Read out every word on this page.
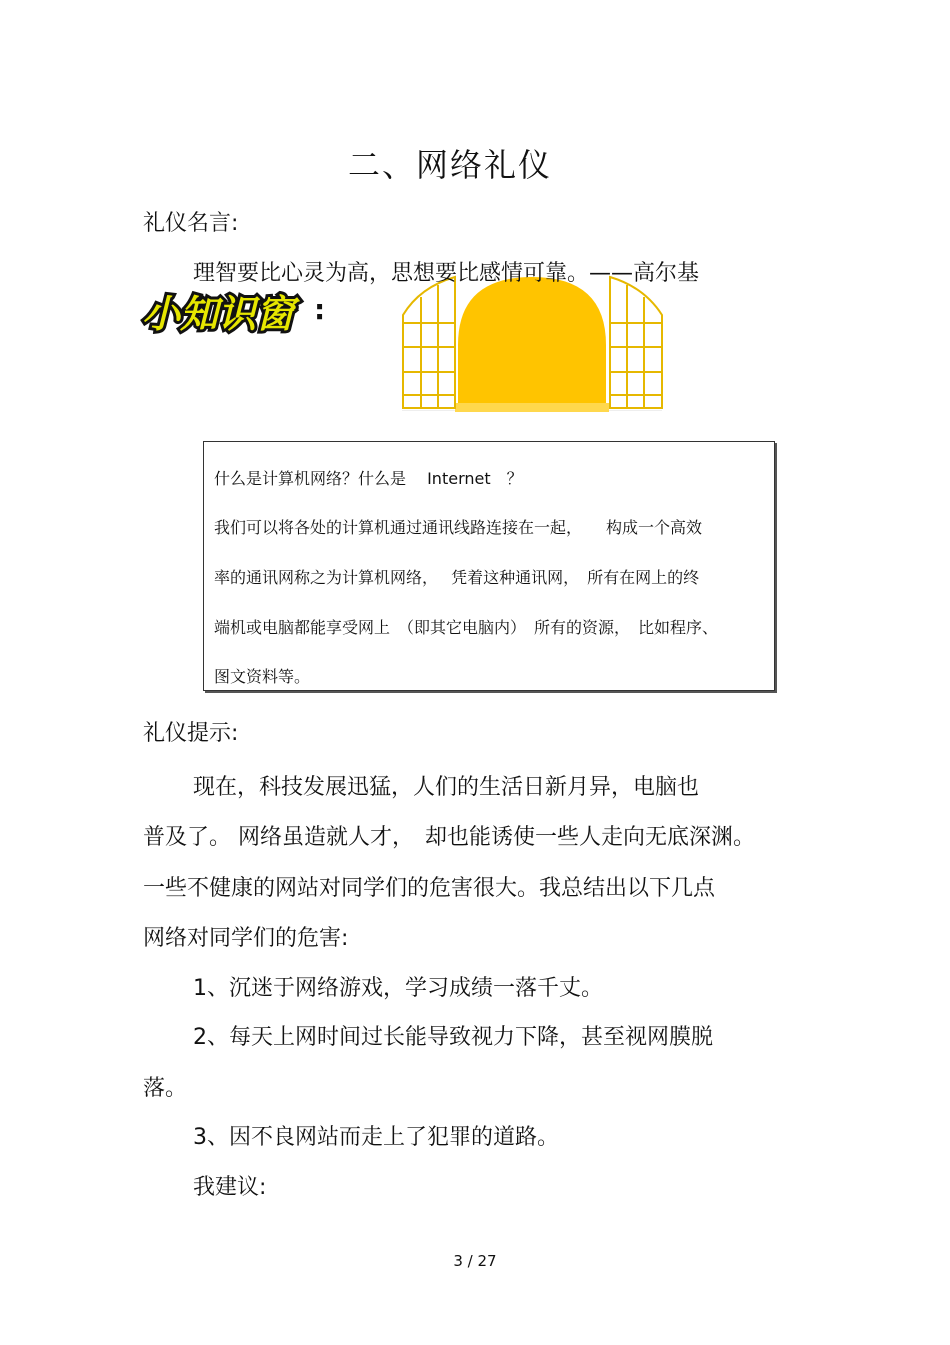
二、网络礼仪
礼仪名言:
理智要比心灵为高，思想要比感情可靠。——高尔基
小知识窗 :
什么是计算机网络？什么是　 Internet　？
我们可以将各处的计算机通过通讯线路连接在一起，　　构成一个高效
率的通讯网称之为计算机网络，　 凭着这种通讯网，　所有在网上的终
端机或电脑都能享受网上　（即其它电脑内）　所有的资源，　比如程序、
图文资料等。
礼仪提示:
现在，科技发展迅猛，人们的生活日新月异，电脑也
普及了。 网络虽造就人才，　却也能诱使一些人走向无底深渊。
一些不健康的网站对同学们的危害很大。我总结出以下几点
网络对同学们的危害:
1、沉迷于网络游戏，学习成绩一落千丈。
2、每天上网时间过长能导致视力下降，甚至视网膜脱
落。
3、因不良网站而走上了犯罪的道路。
我建议:
3 / 27
